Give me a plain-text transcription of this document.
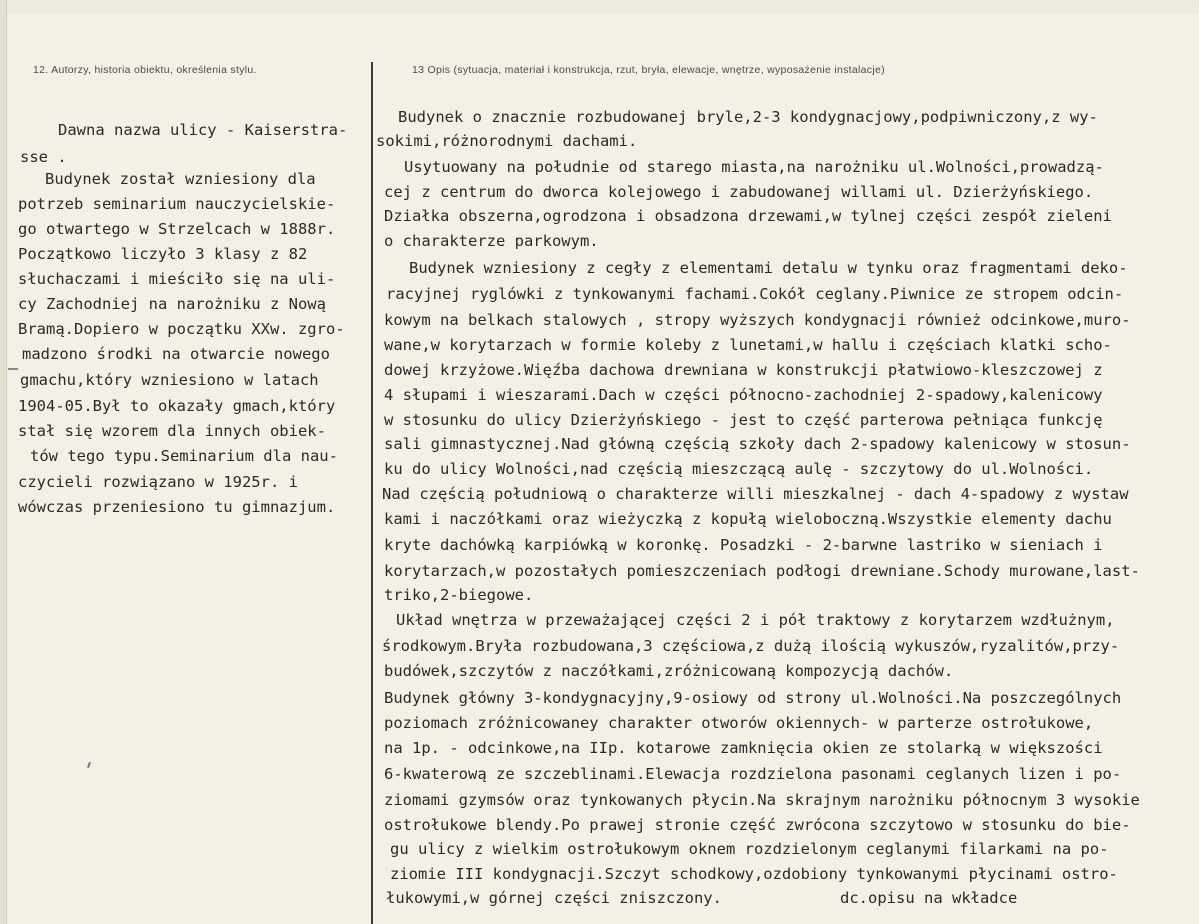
12. Autorzy, historia obiektu, określenia stylu.	13 Opis (sytuacja, materiał i konstrukcja, rzut, bryła, elewacje, wnętrze, wyposażenie instalacje)
Dawna nazwa ulicy - Kaiserstra-
sse .
Budynek został wzniesiony dla
potrzeb seminarium nauczycielskie-
go otwartego w Strzelcach w 1888r.
Początkowo liczyło 3 klasy z 82
słuchaczami i mieściło się na uli-
cy Zachodniej na narożniku z Nową
Bramą.Dopiero w początku XXw. zgro-
madzono środki na otwarcie nowego
gmachu,który wzniesiono w latach
1904-05.Był to okazały gmach,który
stał się wzorem dla innych obiek-
tów tego typu.Seminarium dla nau-
czycieli rozwiązano w 1925r. i
wówczas przeniesiono tu gimnazjum.
Budynek o znacznie rozbudowanej bryle,2-3 kondygnacjowy,podpiwniczony,z wy-
sokimi,różnorodnymi dachami.
Usytuowany na południe od starego miasta,na narożniku ul.Wolności,prowadzą-
cej z centrum do dworca kolejowego i zabudowanej willami ul. Dzierżyńskiego.
Działka obszerna,ogrodzona i obsadzona drzewami,w tylnej części zespół zieleni
o charakterze parkowym.
Budynek wzniesiony z cegły z elementami detalu w tynku oraz fragmentami deko-
racyjnej ryglówki z tynkowanymi fachami.Cokół ceglany.Piwnice ze stropem odcin-
kowym na belkach stalowych , stropy wyższych kondygnacji również odcinkowe,muro-
wane,w korytarzach w formie koleby z lunetami,w hallu i częściach klatki scho-
dowej krzyżowe.Więźba dachowa drewniana w konstrukcji płatwiowo-kleszczowej z
4 słupami i wieszarami.Dach w części północno-zachodniej 2-spadowy,kalenicowy
w stosunku do ulicy Dzierżyńskiego - jest to część parterowa pełniąca funkcję
sali gimnastycznej.Nad główną częścią szkoły dach 2-spadowy kalenicowy w stosun-
ku do ulicy Wolności,nad częścią mieszczącą aulę - szczytowy do ul.Wolności.
Nad częścią południową o charakterze willi mieszkalnej - dach 4-spadowy z wystaw
kami i naczółkami oraz wieżyczką z kopułą wieloboczną.Wszystkie elementy dachu
kryte dachówką karpiówką w koronkę. Posadzki - 2-barwne lastriko w sieniach i
korytarzach,w pozostałych pomieszczeniach podłogi drewniane.Schody murowane,last-
triko,2-biegowe.
Układ wnętrza w przeważającej części 2 i pół traktowy z korytarzem wzdłużnym,
środkowym.Bryła rozbudowana,3 częściowa,z dużą ilością wykuszów,ryzalitów,przy-
budówek,szczytów z naczółkami,zróżnicowaną kompozycją dachów.
Budynek główny 3-kondygnacyjny,9-osiowy od strony ul.Wolności.Na poszczególnych
poziomach zróżnicowaney charakter otworów okiennych- w parterze ostrołukowe,
na 1p. - odcinkowe,na IIp. kotarowe zamknięcia okien ze stolarką w większości
6-kwaterową ze szczeblinami.Elewacja rozdzielona pasonami ceglanych lizen i po-
ziomami gzymsów oraz tynkowanych płycin.Na skrajnym narożniku północnym 3 wysokie
ostrołukowe blendy.Po prawej stronie część zwrócona szczytowo w stosunku do bie-
gu ulicy z wielkim ostrołukowym oknem rozdzielonym ceglanymi filarkami na po-
ziomie III kondygnacji.Szczyt schodkowy,ozdobiony tynkowanymi płycinami ostro-
łukowymi,w górnej części zniszczony.	dc.opisu na wkładce
